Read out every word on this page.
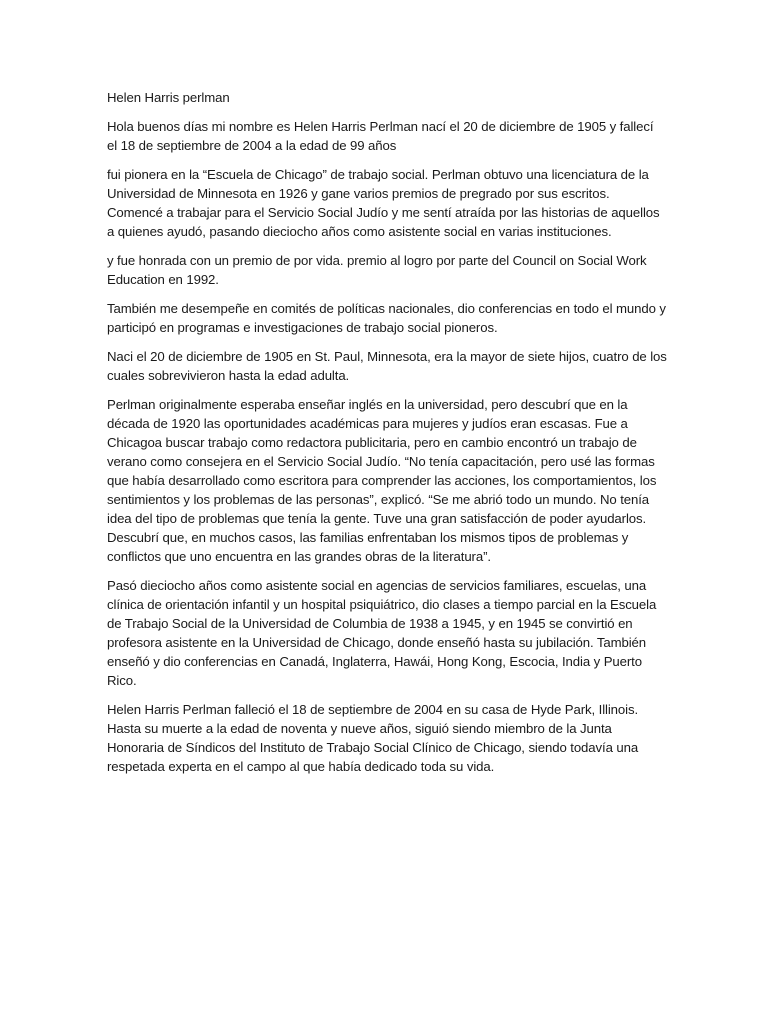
Helen Harris perlman

Hola buenos días mi nombre es Helen Harris Perlman nací el 20 de diciembre de 1905 y fallecí el 18 de septiembre de 2004 a la edad de 99 años

fui pionera en la “Escuela de Chicago” de trabajo social. Perlman obtuvo una licenciatura de la Universidad de Minnesota en 1926 y gane varios premios de pregrado por sus escritos. Comencé a trabajar para el Servicio Social Judío y me sentí atraída por las historias de aquellos a quienes ayudó, pasando dieciocho años como asistente social en varias instituciones.

y fue honrada con un premio de por vida. premio al logro por parte del Council on Social Work Education en 1992.

También me desempeñe en comités de políticas nacionales, dio conferencias en todo el mundo y participó en programas e investigaciones de trabajo social pioneros.

Naci el 20 de diciembre de 1905 en St. Paul, Minnesota, era la mayor de siete hijos, cuatro de los cuales sobrevivieron hasta la edad adulta.

Perlman originalmente esperaba enseñar inglés en la universidad, pero descubrí que en la década de 1920 las oportunidades académicas para mujeres y judíos eran escasas. Fue a Chicagoa buscar trabajo como redactora publicitaria, pero en cambio encontró un trabajo de verano como consejera en el Servicio Social Judío. “No tenía capacitación, pero usé las formas que había desarrollado como escritora para comprender las acciones, los comportamientos, los sentimientos y los problemas de las personas”, explicó. “Se me abrió todo un mundo. No tenía idea del tipo de problemas que tenía la gente. Tuve una gran satisfacción de poder ayudarlos. Descubrí que, en muchos casos, las familias enfrentaban los mismos tipos de problemas y conflictos que uno encuentra en las grandes obras de la literatura”.

Pasó dieciocho años como asistente social en agencias de servicios familiares, escuelas, una clínica de orientación infantil y un hospital psiquiátrico, dio clases a tiempo parcial en la Escuela de Trabajo Social de la Universidad de Columbia de 1938 a 1945, y en 1945 se convirtió en profesora asistente en la Universidad de Chicago, donde enseñó hasta su jubilación. También enseñó y dio conferencias en Canadá, Inglaterra, Hawái, Hong Kong, Escocia, India y Puerto Rico.

Helen Harris Perlman falleció el 18 de septiembre de 2004 en su casa de Hyde Park, Illinois. Hasta su muerte a la edad de noventa y nueve años, siguió siendo miembro de la Junta Honoraria de Síndicos del Instituto de Trabajo Social Clínico de Chicago, siendo todavía una respetada experta en el campo al que había dedicado toda su vida.
